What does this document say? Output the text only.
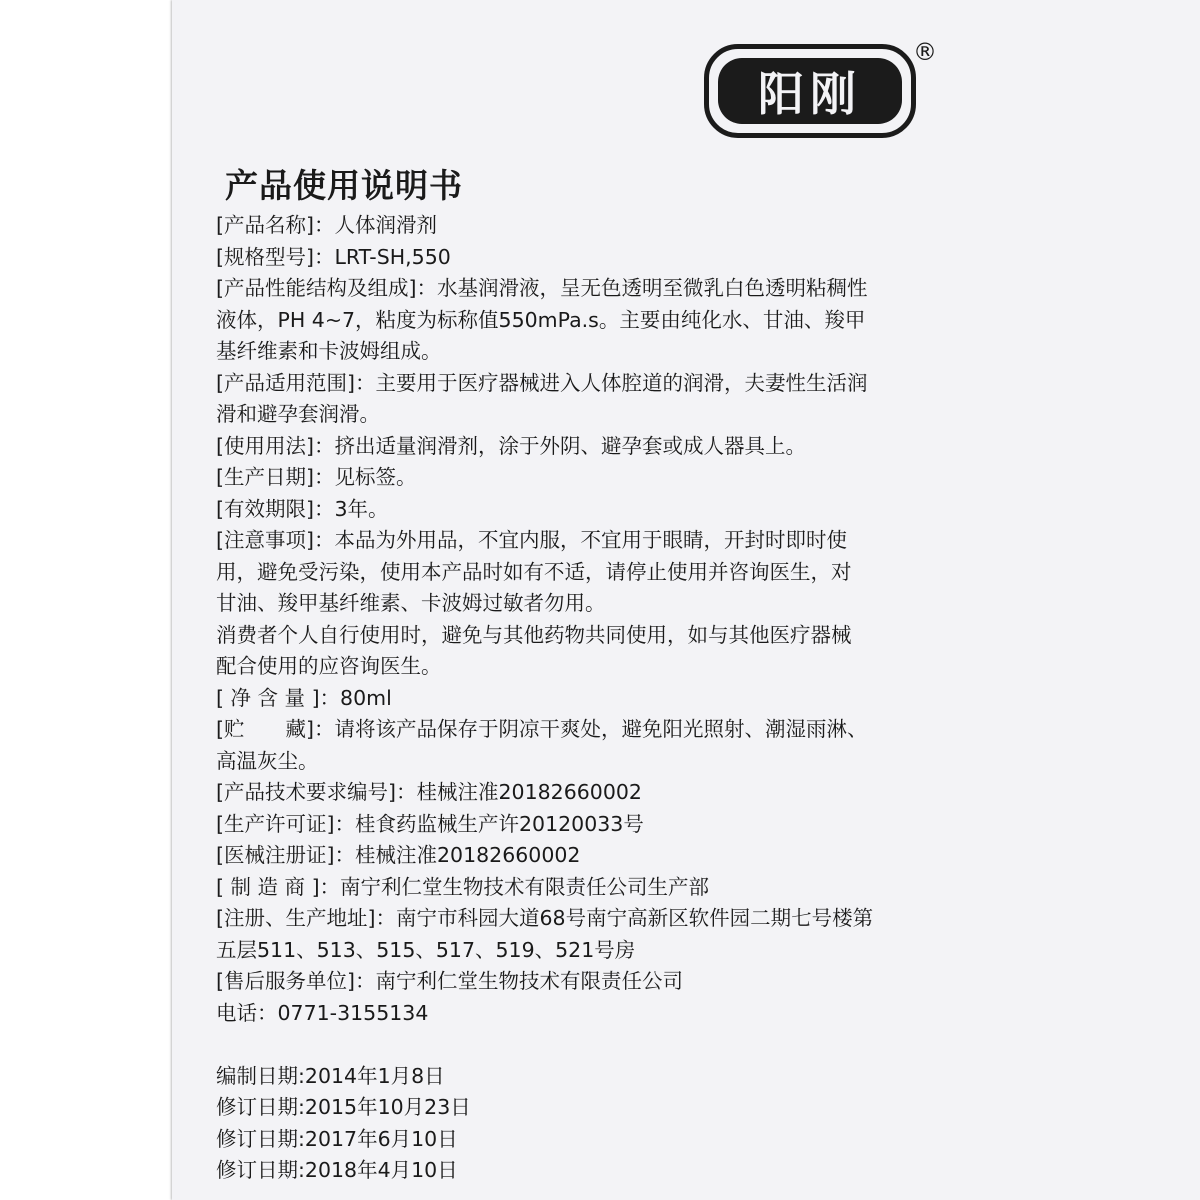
阳刚
®
产品使用说明书
[产品名称]：人体润滑剂
[规格型号]：LRT-SH,550
[产品性能结构及组成]：水基润滑液，呈无色透明至微乳白色透明粘稠性
液体，PH 4~7，粘度为标称值550mPa.s。主要由纯化水、甘油、羧甲
基纤维素和卡波姆组成。
[产品适用范围]：主要用于医疗器械进入人体腔道的润滑，夫妻性生活润
滑和避孕套润滑。
[使用用法]：挤出适量润滑剂，涂于外阴、避孕套或成人器具上。
[生产日期]：见标签。
[有效期限]：3年。
[注意事项]：本品为外用品，不宜内服，不宜用于眼睛，开封时即时使
用，避免受污染，使用本产品时如有不适，请停止使用并咨询医生，对
甘油、羧甲基纤维素、卡波姆过敏者勿用。
消费者个人自行使用时，避免与其他药物共同使用，如与其他医疗器械
配合使用的应咨询医生。
[ 净 含 量 ]：80ml
[贮　　藏]：请将该产品保存于阴凉干爽处，避免阳光照射、潮湿雨淋、
高温灰尘。
[产品技术要求编号]：桂械注准20182660002
[生产许可证]：桂食药监械生产许20120033号
[医械注册证]：桂械注准20182660002
[ 制 造 商 ]：南宁利仁堂生物技术有限责任公司生产部
[注册、生产地址]：南宁市科园大道68号南宁高新区软件园二期七号楼第
五层511、513、515、517、519、521号房
[售后服务单位]：南宁利仁堂生物技术有限责任公司
电话：0771-3155134
编制日期:2014年1月8日
修订日期:2015年10月23日
修订日期:2017年6月10日
修订日期:2018年4月10日
